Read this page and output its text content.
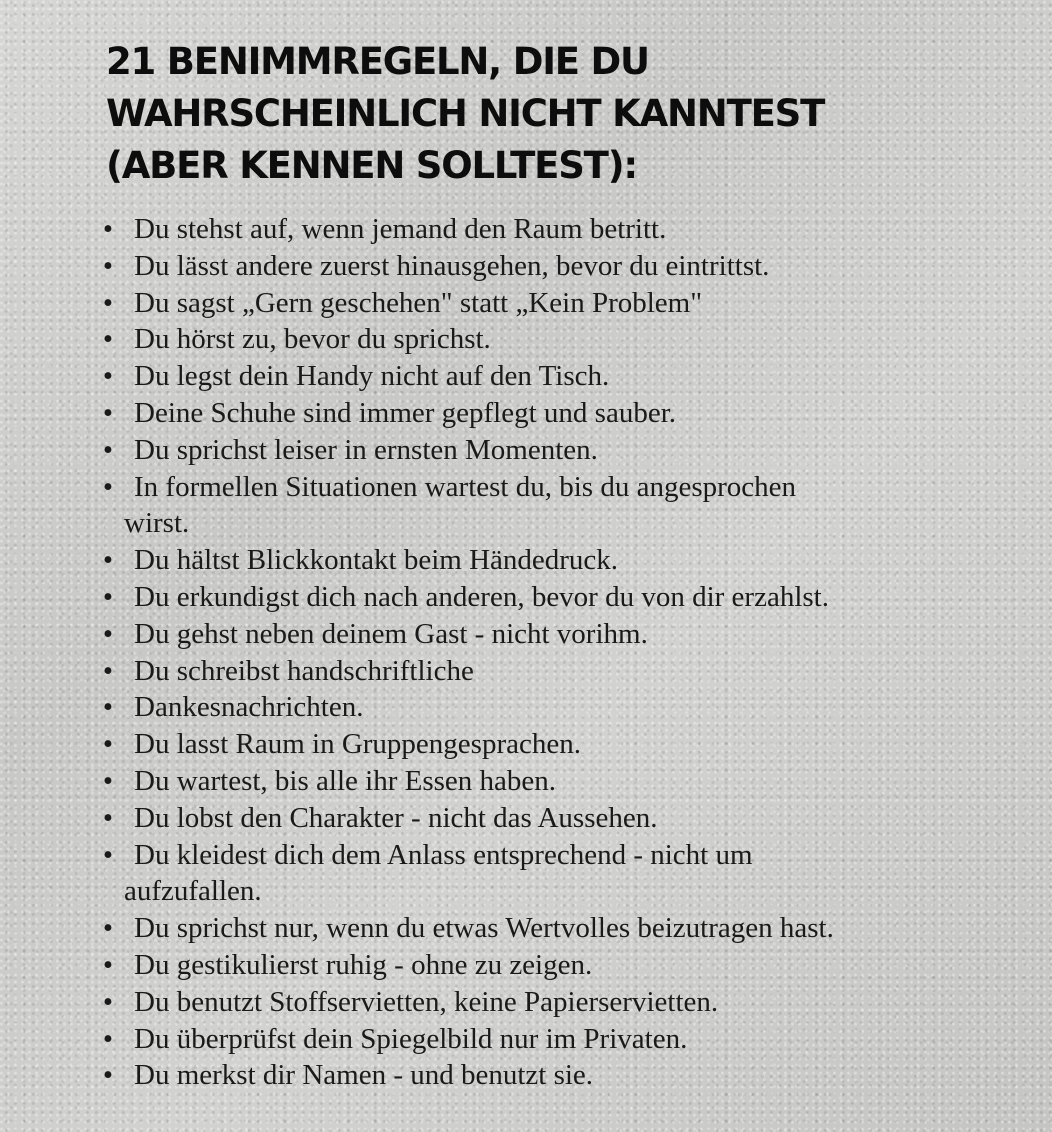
21 BENIMMREGELN, DIE DU
WAHRSCHEINLICH NICHT KANNTEST
(ABER KENNEN SOLLTEST):
• Du stehst auf, wenn jemand den Raum betritt.
• Du lässt andere zuerst hinausgehen, bevor du eintrittst.
• Du sagst „Gern geschehen" statt „Kein Problem"
• Du hörst zu, bevor du sprichst.
• Du legst dein Handy nicht auf den Tisch.
• Deine Schuhe sind immer gepflegt und sauber.
• Du sprichst leiser in ernsten Momenten.
• In formellen Situationen wartest du, bis du angesprochen
wirst.
• Du hältst Blickkontakt beim Händedruck.
• Du erkundigst dich nach anderen, bevor du von dir erzahlst.
• Du gehst neben deinem Gast - nicht vorihm.
• Du schreibst handschriftliche
• Dankesnachrichten.
• Du lasst Raum in Gruppengesprachen.
• Du wartest, bis alle ihr Essen haben.
• Du lobst den Charakter - nicht das Aussehen.
• Du kleidest dich dem Anlass entsprechend - nicht um
aufzufallen.
• Du sprichst nur, wenn du etwas Wertvolles beizutragen hast.
• Du gestikulierst ruhig - ohne zu zeigen.
• Du benutzt Stoffservietten, keine Papierservietten.
• Du überprüfst dein Spiegelbild nur im Privaten.
• Du merkst dir Namen - und benutzt sie.
